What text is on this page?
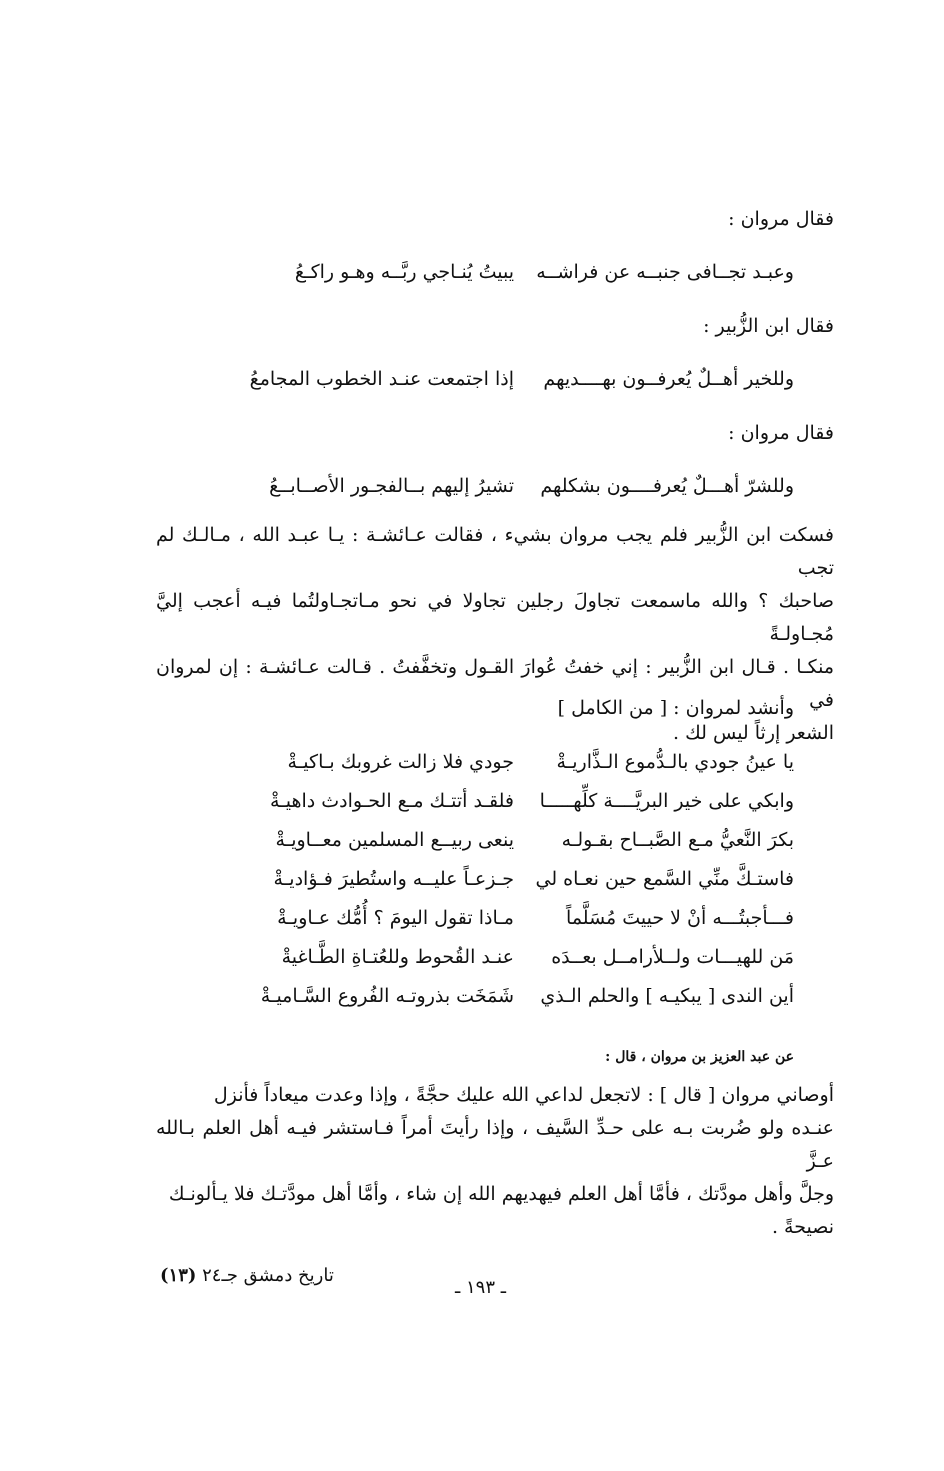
فقال مروان :
وعبـد تجــافى جنبــه عن فراشــه
يبيتُ يُنـاجي ربَّــه وهـو راكـعُ
فقال ابن الزُّبير :
وللخير أهــلٌ يُعرفــون بهــــديهم
إذا اجتمعت عنـد الخطوب المجامعُ
فقال مروان :
وللشرّ أهـــلٌ يُعرفــــون بشكلهم
تشيرُ إليهم بــالفجـور الأصــابــعُ

فسكت ابن الزُّبير فلم يجب مروان بشيء ، فقالت عـائشـة : يـا عبـد الله ، مـالـك لم تجب

صاحبك ؟ والله ماسمعت تجاولَ رجلين تجاولا في نحو مـاتجـاولتُما فيـه أعجب إليَّ مُجـاولـةً

منكـا . قـال ابن الزُّبير : إني خفتُ عُوارَ القـول وتخفَّفتُ . قـالت عـائشـة : إن لمروان في

الشعر إرثاً ليس لك .

وأنشد لمروان : [ من الكامل ]
يا عينُ جودي بالـدُّموع الـذَّاريـةْ
جودي فلا زالت غروبك بـاكيـةْ
وابكي على خير البريَّــــة كلِّهـــــا
فلقـد أتتـك مـع الحـوادث داهيـةْ
بكرَ النَّعيُّ مـع الصَّبــاح بقـولـه
ينعى ربيــع المسلمين معــاويـةْ
فاستـكَّ منِّي السَّمع حين نعـاه لي
جـزعـاً عليــه واستُطيرَ فـؤاديـةْ
فـــأجبتُـــه أنْ لا حييتَ مُسَلَّماً
مـاذا تقول اليومَ ؟ أُمُّك عـاويـةْ
مَن للهيـــات ولــلأرامــل بعــدَه
عنـد القُحوط وللعُتـاةِ الطَّـاغيةْ
أين الندى [ يبكيـه ] والحلم الـذي
شَمَخَت بذروتـه الفُروع السَّـاميـةْ
عن عبد العزيز بن مروان ، قال :

أوصاني مروان [ قال ] : لاتجعل لداعي الله عليك حجَّةً ، وإذا وعدت ميعاداً فأنزل

عنـده ولو ضُربت بـه على حـدِّ السَّيف ، وإذا رأيتَ أمراً فـاستشر فيـه أهل العلم بـالله عـزَّ

وجلَّ وأهل مودَّتك ، فأمَّا أهل العلم فيهديهم الله إن شاء ، وأمَّا أهل مودَّتـك فلا يـألونـك

نصيحةً .

ـ ١٩٣ ـ
تاريخ دمشق جـ٢٤ (١٣)
